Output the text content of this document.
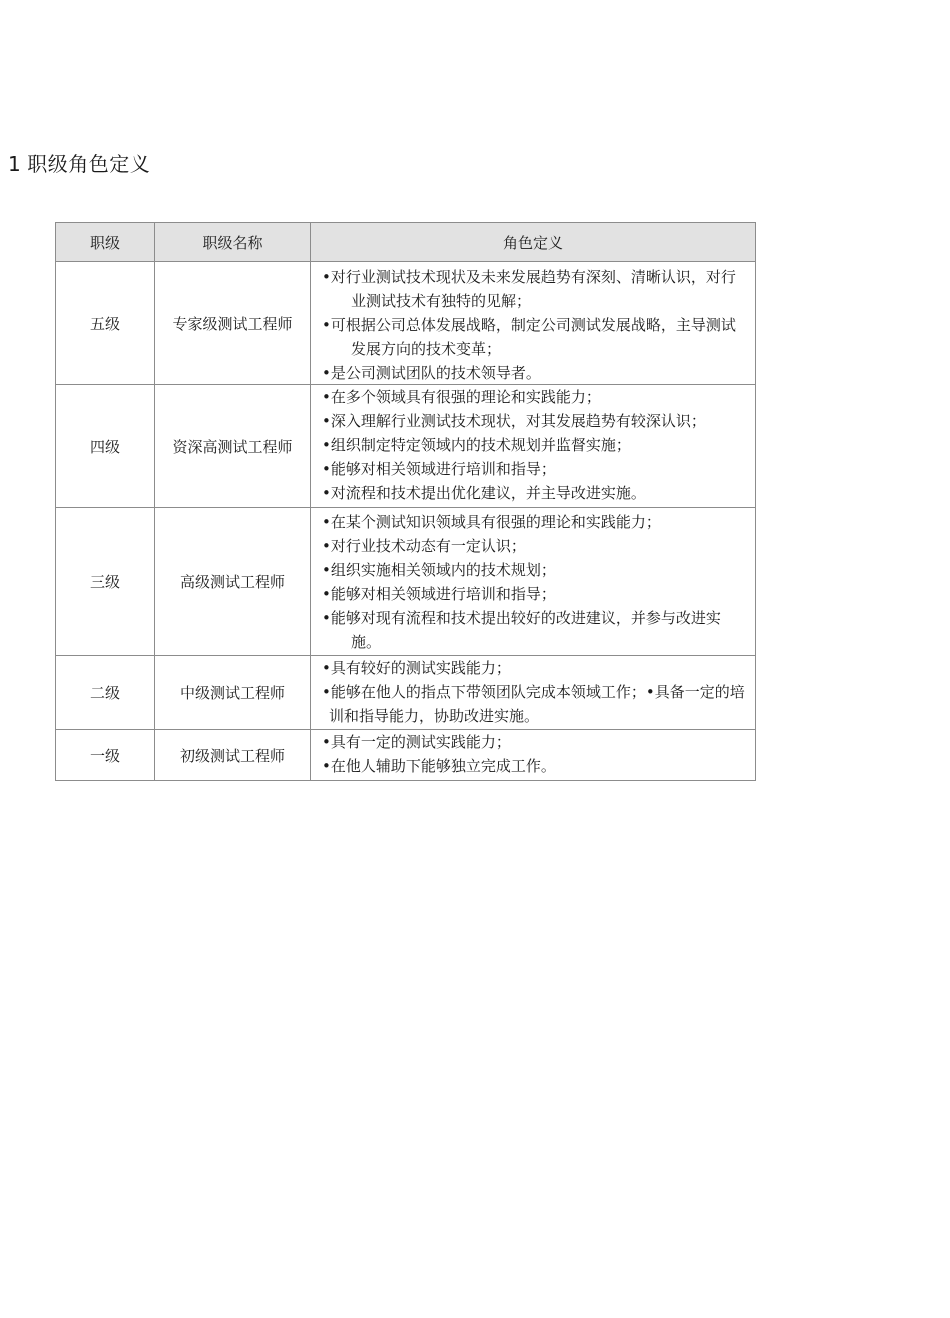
1 职级角色定义
职级	职级名称	角色定义
五级	专家级测试工程师	•对行业测试技术现状及未来发展趋势有深刻、清晰认识，对行业测试技术有独特的见解；
•可根据公司总体发展战略，制定公司测试发展战略，主导测试发展方向的技术变革；
•是公司测试团队的技术领导者。

四级	资深高测试工程师	•在多个领域具有很强的理论和实践能力；
•深入理解行业测试技术现状，对其发展趋势有较深认识；
•组织制定特定领域内的技术规划并监督实施；
•能够对相关领域进行培训和指导；
•对流程和技术提出优化建议，并主导改进实施。

三级	高级测试工程师	•在某个测试知识领域具有很强的理论和实践能力；
•对行业技术动态有一定认识；
•组织实施相关领域内的技术规划；
•能够对相关领域进行培训和指导；
•能够对现有流程和技术提出较好的改进建议，并参与改进实施。

二级	中级测试工程师	•具有较好的测试实践能力；
•能够在他人的指点下带领团队完成本领域工作；•具备一定的培训和指导能力，协助改进实施。

一级	初级测试工程师	•具有一定的测试实践能力；
•在他人辅助下能够独立完成工作。
